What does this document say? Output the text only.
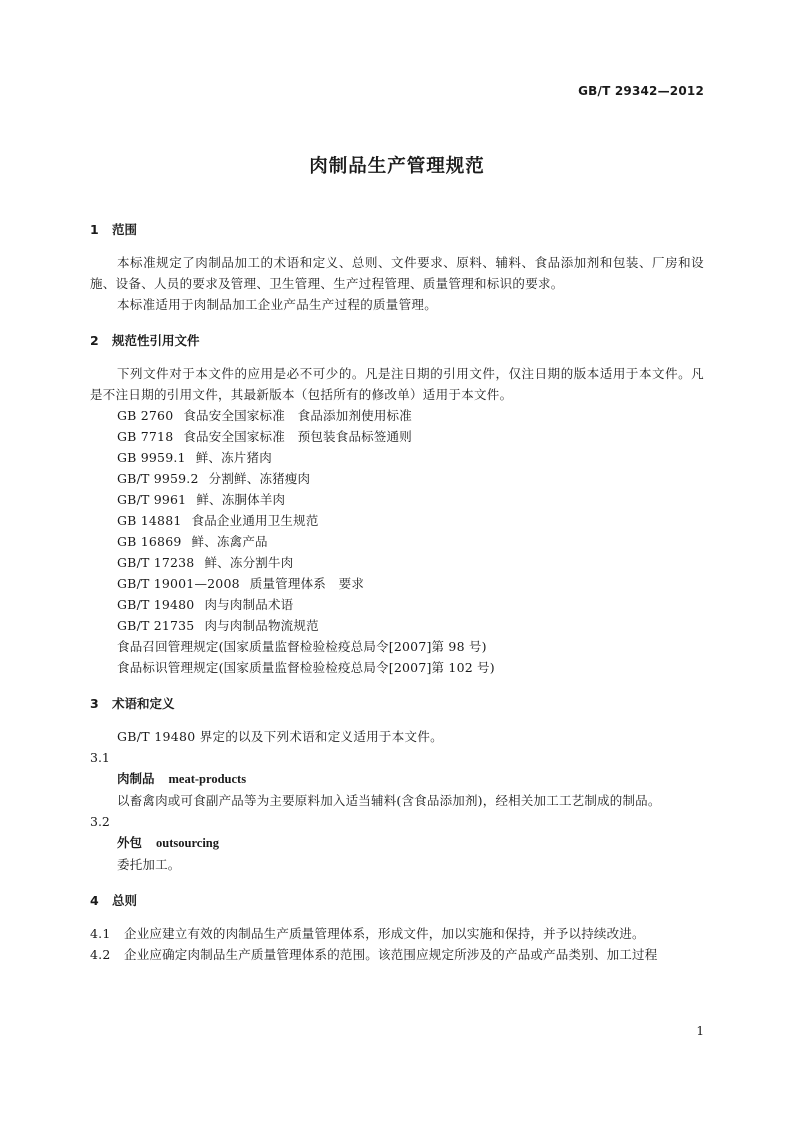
GB/T 29342—2012
肉制品生产管理规范
1 范围
本标准规定了肉制品加工的术语和定义、总则、文件要求、原料、辅料、食品添加剂和包装、厂房和设施、设备、人员的要求及管理、卫生管理、生产过程管理、质量管理和标识的要求。
本标准适用于肉制品加工企业产品生产过程的质量管理。
2 规范性引用文件
下列文件对于本文件的应用是必不可少的。凡是注日期的引用文件，仅注日期的版本适用于本文件。凡是不注日期的引用文件，其最新版本（包括所有的修改单）适用于本文件。
GB 2760 食品安全国家标准　食品添加剂使用标准
GB 7718 食品安全国家标准　预包装食品标签通则
GB 9959.1 鲜、冻片猪肉
GB/T 9959.2 分割鲜、冻猪瘦肉
GB/T 9961 鲜、冻胴体羊肉
GB 14881 食品企业通用卫生规范
GB 16869 鲜、冻禽产品
GB/T 17238 鲜、冻分割牛肉
GB/T 19001—2008 质量管理体系　要求
GB/T 19480 肉与肉制品术语
GB/T 21735 肉与肉制品物流规范
食品召回管理规定(国家质量监督检验检疫总局令[2007]第 98 号)
食品标识管理规定(国家质量监督检验检疫总局令[2007]第 102 号)
3 术语和定义
GB/T 19480 界定的以及下列术语和定义适用于本文件。
3.1
肉制品 meat-products
以畜禽肉或可食副产品等为主要原料加入适当辅料(含食品添加剂)，经相关加工工艺制成的制品。
3.2
外包 outsourcing
委托加工。
4 总则
4.1 企业应建立有效的肉制品生产质量管理体系，形成文件，加以实施和保持，并予以持续改进。
4.2 企业应确定肉制品生产质量管理体系的范围。该范围应规定所涉及的产品或产品类别、加工过程
1
